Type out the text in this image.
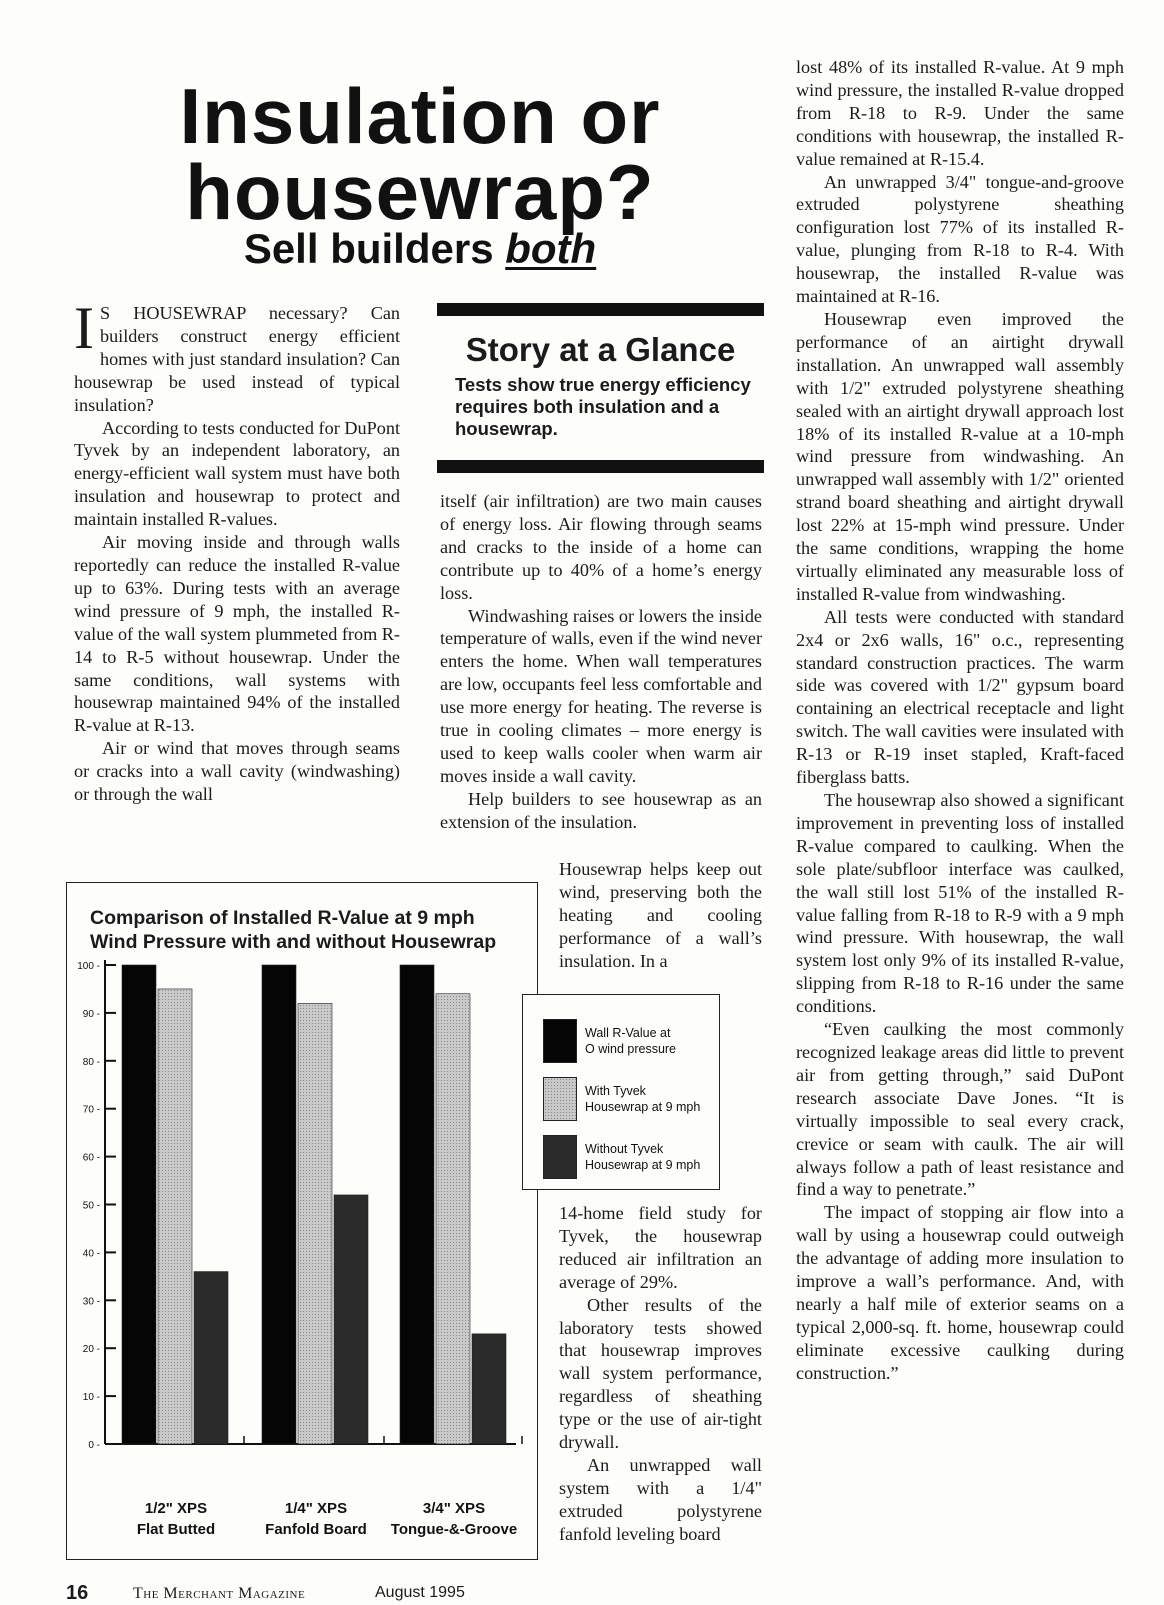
Insulation or
housewrap?
Sell builders both

IS HOUSEWRAP necessary? Can builders construct energy efficient homes with just standard insulation? Can housewrap be used instead of typical insulation?

According to tests conducted for DuPont Tyvek by an independent laboratory, an energy-efficient wall system must have both insulation and housewrap to protect and maintain installed R-values.

Air moving inside and through walls reportedly can reduce the installed R-value up to 63%. During tests with an average wind pressure of 9 mph, the installed R-value of the wall system plummeted from R-14 to R-5 without housewrap. Under the same conditions, wall systems with housewrap maintained 94% of the installed R-value at R-13.

Air or wind that moves through seams or cracks into a wall cavity (windwashing) or through the wall

Story at a Glance
Tests show true energy efficiency requires both insulation and a housewrap.

itself (air infiltration) are two main causes of energy loss. Air flowing through seams and cracks to the inside of a home can contribute up to 40% of a home’s energy loss.

Windwashing raises or lowers the inside temperature of walls, even if the wind never enters the home. When wall temperatures are low, occupants feel less comfortable and use more energy for heating. The reverse is true in cooling climates – more energy is used to keep walls cooler when warm air moves inside a wall cavity.

Help builders to see housewrap as an extension of the insulation.

Housewrap helps keep out wind, preserving both the heating and cooling performance of a wall’s insulation. In a

14-home field study for Tyvek, the housewrap reduced air infiltration an average of 29%.

Other results of the laboratory tests showed that housewrap improves wall system performance, regardless of sheathing type or the use of air-tight drywall.

An unwrapped wall system with a 1/4" extruded polystyrene fanfold leveling board

lost 48% of its installed R-value. At 9 mph wind pressure, the installed R-value dropped from R-18 to R-9. Under the same conditions with housewrap, the installed R-value remained at R-15.4.

An unwrapped 3/4" tongue-and-groove extruded polystyrene sheathing configuration lost 77% of its installed R-value, plunging from R-18 to R-4. With housewrap, the installed R-value was maintained at R-16.

Housewrap even improved the performance of an airtight drywall installation. An unwrapped wall assembly with 1/2" extruded polystyrene sheathing sealed with an airtight drywall approach lost 18% of its installed R-value at a 10-mph wind pressure from windwashing. An unwrapped wall assembly with 1/2" oriented strand board sheathing and airtight drywall lost 22% at 15-mph wind pressure. Under the same conditions, wrapping the home virtually eliminated any measurable loss of installed R-value from windwashing.

All tests were conducted with standard 2x4 or 2x6 walls, 16" o.c., representing standard construction practices. The warm side was covered with 1/2" gypsum board containing an electrical receptacle and light switch. The wall cavities were insulated with R-13 or R-19 inset stapled, Kraft-faced fiberglass batts.

The housewrap also showed a significant improvement in preventing loss of installed R-value compared to caulking. When the sole plate/subfloor interface was caulked, the wall still lost 51% of the installed R-value falling from R-18 to R-9 with a 9 mph wind pressure. With housewrap, the wall system lost only 9% of its installed R-value, slipping from R-18 to R-16 under the same conditions.

“Even caulking the most commonly recognized leakage areas did little to prevent air from getting through,” said DuPont research associate Dave Jones. “It is virtually impossible to seal every crack, crevice or seam with caulk. The air will always follow a path of least resistance and find a way to penetrate.”

The impact of stopping air flow into a wall by using a housewrap could outweigh the advantage of adding more insulation to improve a wall’s performance. And, with nearly a half mile of exterior seams on a typical 2,000-sq. ft. home, housewrap could eliminate excessive caulking during construction.”

Comparison of Installed R-Value at 9 mph Wind Pressure with and without Housewrap
0 -
10 -
20 -
30 -
40 -
50 -
60 -
70 -
80 -
90 -
100 -
1/2" XPS
Flat Butted
1/4" XPS
Fanfold Board
3/4" XPS
Tongue-&-Groove
Wall R-Value at
O wind pressure
With Tyvek
Housewrap at 9 mph
Without Tyvek
Housewrap at 9 mph
16	The Merchant Magazine	August 1995
